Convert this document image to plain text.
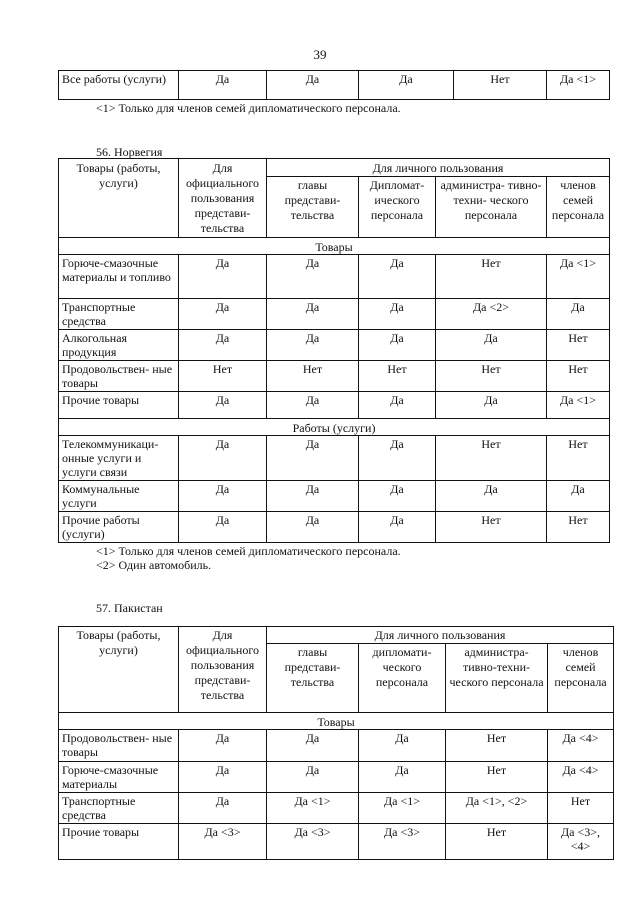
39
Все работы (услуги)	Да	Да	Да	Нет	Да <1>
<1> Только для членов семей дипломатического персонала.
56. Норвегия
Товары (работы, услуги)	Для официального пользования представи- тельства	Для личного пользования			
		главы представи- тельства	Дипломат- ического персонала	администра- тивно-техни- ческого персонала	членов семей персонала
Товары					
Горюче-смазочные материалы и топливо	Да	Да	Да	Нет	Да <1>
Транспортные средства	Да	Да	Да	Да <2>	Да
Алкогольная продукция	Да	Да	Да	Да	Нет
Продовольствен- ные товары	Нет	Нет	Нет	Нет	Нет
Прочие товары	Да	Да	Да	Да	Да <1>
Работы (услуги)					
Телекоммуникаци- онные услуги и услуги связи	Да	Да	Да	Нет	Нет
Коммунальные услуги	Да	Да	Да	Да	Да
Прочие работы (услуги)	Да	Да	Да	Нет	Нет
<1> Только для членов семей дипломатического персонала.
<2> Один автомобиль.
57. Пакистан
Товары (работы, услуги)	Для официального пользования представи- тельства	Для личного пользования			
		главы представи- тельства	дипломати- ческого персонала	администра- тивно-техни- ческого персонала	членов семей персонала
Товары					
Продовольствен- ные товары	Да	Да	Да	Нет	Да <4>
Горюче-смазочные материалы	Да	Да	Да	Нет	Да <4>
Транспортные средства	Да	Да <1>	Да <1>	Да <1>, <2>	Нет
Прочие товары	Да <3>	Да <3>	Да <3>	Нет	Да <3>, <4>
